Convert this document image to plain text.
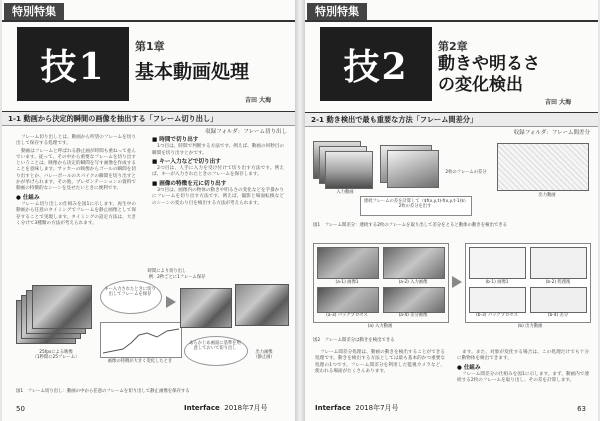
特別特集
技1	第1章
基本動画処理
吉田 大海
1-1 動画から決定的瞬間の画像を抽出する「フレーム切り出し」
収録フォルダ：フレーム切り出し

フレーム切り出しとは、動画から所望のフレームを切り出して保存する処理です。

動画はフレームと呼ばれる静止画が時間も重ねって並んでいます。従って、その中から重要なフレームを切り出すということは、映像から決定的瞬間を写す画像を作成することを意味します。サッカーの映像からゴールの瞬間を切り出すとか、バレーボールのスパイクの瞬間を切り出すとかが挙げられます。その他、プレゼンテーションの資料で動画の特徴的なシーンを見せたいときに便利です。

● 仕組み

フレーム切り出しの仕組みを図1に示します。再生中の動画から任意のタイミングでフレームを静止画像として保存することで実現します。タイミングの設定方法は、大きく分けて3種類の方法が考えられます。

■ 時間で切り出す

1つ目は、時間で判断する方法です。例えば、動画の何秒目の瞬間を切り出すとかです。

■ キー入力などで切り出す

2つ目は、人手に入力を受け付けて切り出す方法です。例えば、キーが入力されたときのフレームを保存します。

■ 画像の特徴を元に切り出す

3つ目は、画像内の物体の動きや明るさの変化などを手掛かりにフレームを切り出す方法です。例えば、撮影と場面転換などのシーンの変わり目を検出する方法が考えられます。

時間により切り出し
例：2秒ごとに1フレーム保存
25fpsによる映像
（1秒間に25フレーム）
キー入力されたときに切り出してフレームを保存
画像の特徴が大きく変化したとき
あらかじめ画面に基準を用意しておいて切り出し
出力画像
（静止画）
図1　フレーム切り出し：動画の中から任意のフレームを切り出して静止画像を保存する
50	Interface 2018年7月号
特別特集
技2	第2章
動きや明るさ
の変化検出
吉田 大海
2-1 動き検出で最も重要な方法「フレーム間差分」
収録フォルダ：フレーム間差分
入力動画
2枚のフレームの差分
出力動画
連続フレームの差を計算して（$f(x,y,t)-f(x,y,t-1)$）2枚の差分を出す
図1　フレーム間差分：連続する2枚のフレームを取り出して差分をとると動体の動きを検出できる
(a-1) 画像1	(a-2) 入力画像
(a-3) バックプロセス	(a-4) 差分画像
(a) 入力動画
(b-1) 画像1	(b-2) 処理後
(b-3) バックプロセス	(b-4) 差分
(b) 出力動画
図2　フレーム間差分は動きを検出できる

フレーム間差分処理は、動画の動きを検出することができる処理です。動きを検出する方法としては最も基本的かつ重要な処理の1つです。フレーム間差分を利用した監視カメラなど、使われる場面がたくさんあります。

ます。また、対象が変化する場合は、この処理だけでも十分に動物体を検出できます。

● 仕組み

フレーム間差分の仕組みを図1に示します。まず、動画内で連続する2枚のフレームを取り出し、その差を計算します。

Interface 2018年7月号	63
